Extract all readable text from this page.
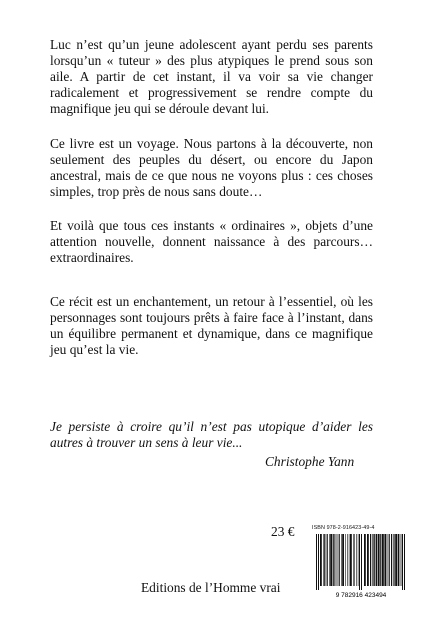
Luc n’est qu’un jeune adolescent ayant perdu ses parents lorsqu’un « tuteur » des plus atypiques le prend sous son aile. A partir de cet instant, il va voir sa vie changer radicalement et progressivement se rendre compte du magnifique jeu qui se déroule devant lui.

Ce livre est un voyage. Nous partons à la découverte, non seulement des peuples du désert, ou encore du Japon ancestral, mais de ce que nous ne voyons plus : ces choses simples, trop près de nous sans doute…

Et voilà que tous ces instants « ordinaires », objets d’une attention nouvelle, donnent naissance à des parcours… extraordinaires.

Ce récit est un enchantement, un retour à l’essentiel, où les personnages sont toujours prêts à faire face à l’instant, dans un équilibre permanent et dynamique, dans ce magnifique jeu qu’est la vie.

Je persiste à croire qu’il n’est pas utopique d’aider les autres à trouver un sens à leur vie...

Christophe Yann

23 €	ISBN 978-2-916423-49-4
9 782916 423494

Editions de l’Homme vrai
